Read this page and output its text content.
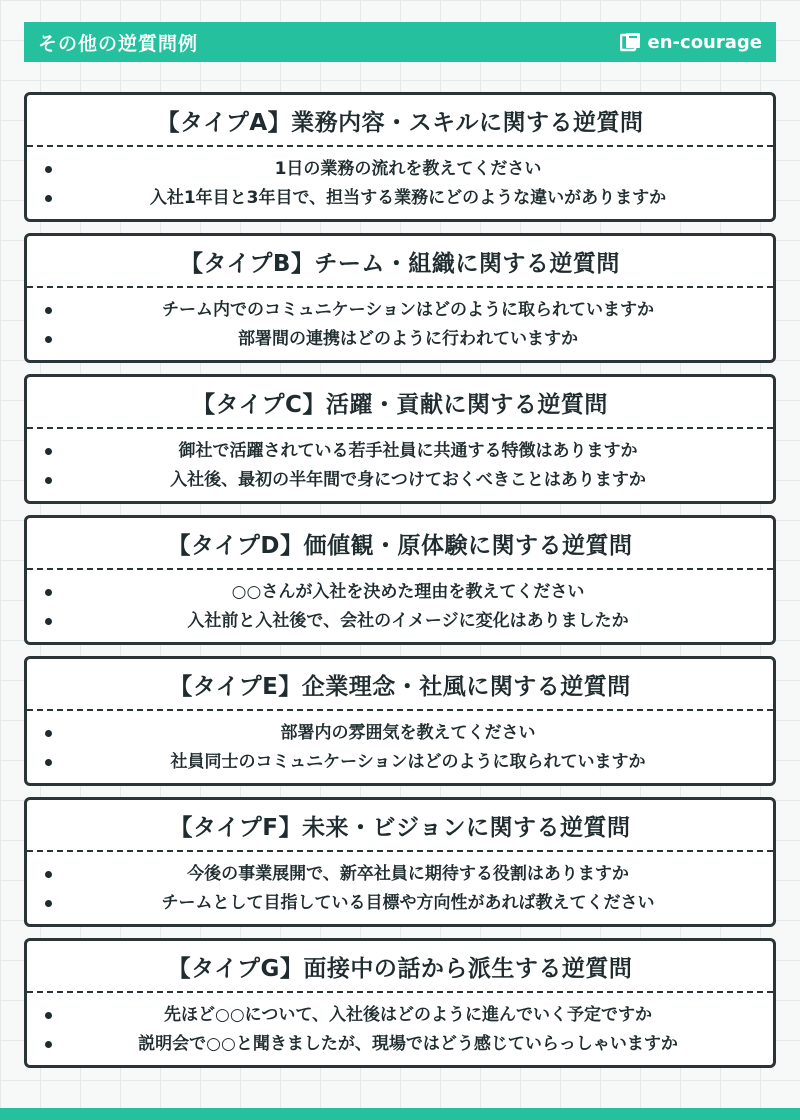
その他の逆質問例	en-courage
【タイプA】業務内容・スキルに関する逆質問
1日の業務の流れを教えてください
入社1年目と3年目で、担当する業務にどのような違いがありますか
【タイプB】チーム・組織に関する逆質問
チーム内でのコミュニケーションはどのように取られていますか
部署間の連携はどのように行われていますか
【タイプC】活躍・貢献に関する逆質問
御社で活躍されている若手社員に共通する特徴はありますか
入社後、最初の半年間で身につけておくべきことはありますか
【タイプD】価値観・原体験に関する逆質問
○○さんが入社を決めた理由を教えてください
入社前と入社後で、会社のイメージに変化はありましたか
【タイプE】企業理念・社風に関する逆質問
部署内の雰囲気を教えてください
社員同士のコミュニケーションはどのように取られていますか
【タイプF】未来・ビジョンに関する逆質問
今後の事業展開で、新卒社員に期待する役割はありますか
チームとして目指している目標や方向性があれば教えてください
【タイプG】面接中の話から派生する逆質問
先ほど○○について、入社後はどのように進んでいく予定ですか
説明会で○○と聞きましたが、現場ではどう感じていらっしゃいますか
